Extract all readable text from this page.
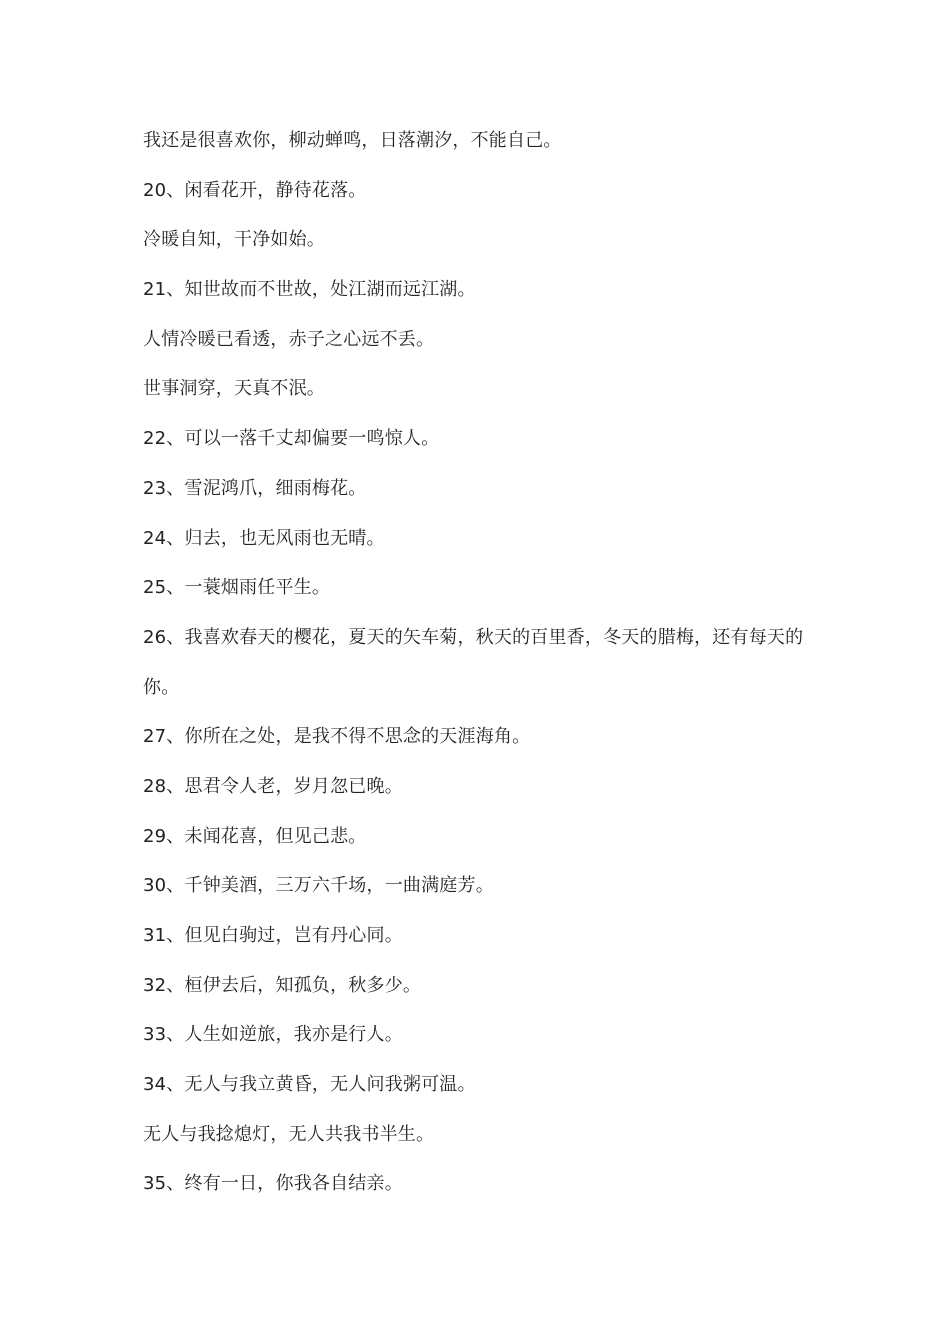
我还是很喜欢你，柳动蝉鸣，日落潮汐，不能自己。
20、闲看花开，静待花落。
冷暖自知，干净如始。
21、知世故而不世故，处江湖而远江湖。
人情冷暖已看透，赤子之心远不丢。
世事洞穿，天真不泯。
22、可以一落千丈却偏要一鸣惊人。
23、雪泥鸿爪，细雨梅花。
24、归去，也无风雨也无晴。
25、一蓑烟雨任平生。
26、我喜欢春天的樱花，夏天的矢车菊，秋天的百里香，冬天的腊梅，还有每天的
你。
27、你所在之处，是我不得不思念的天涯海角。
28、思君令人老，岁月忽已晚。
29、未闻花喜，但见己悲。
30、千钟美酒，三万六千场，一曲满庭芳。
31、但见白驹过，岂有丹心同。
32、桓伊去后，知孤负，秋多少。
33、人生如逆旅，我亦是行人。
34、无人与我立黄昏，无人问我粥可温。
无人与我捻熄灯，无人共我书半生。
35、终有一日，你我各自结亲。
